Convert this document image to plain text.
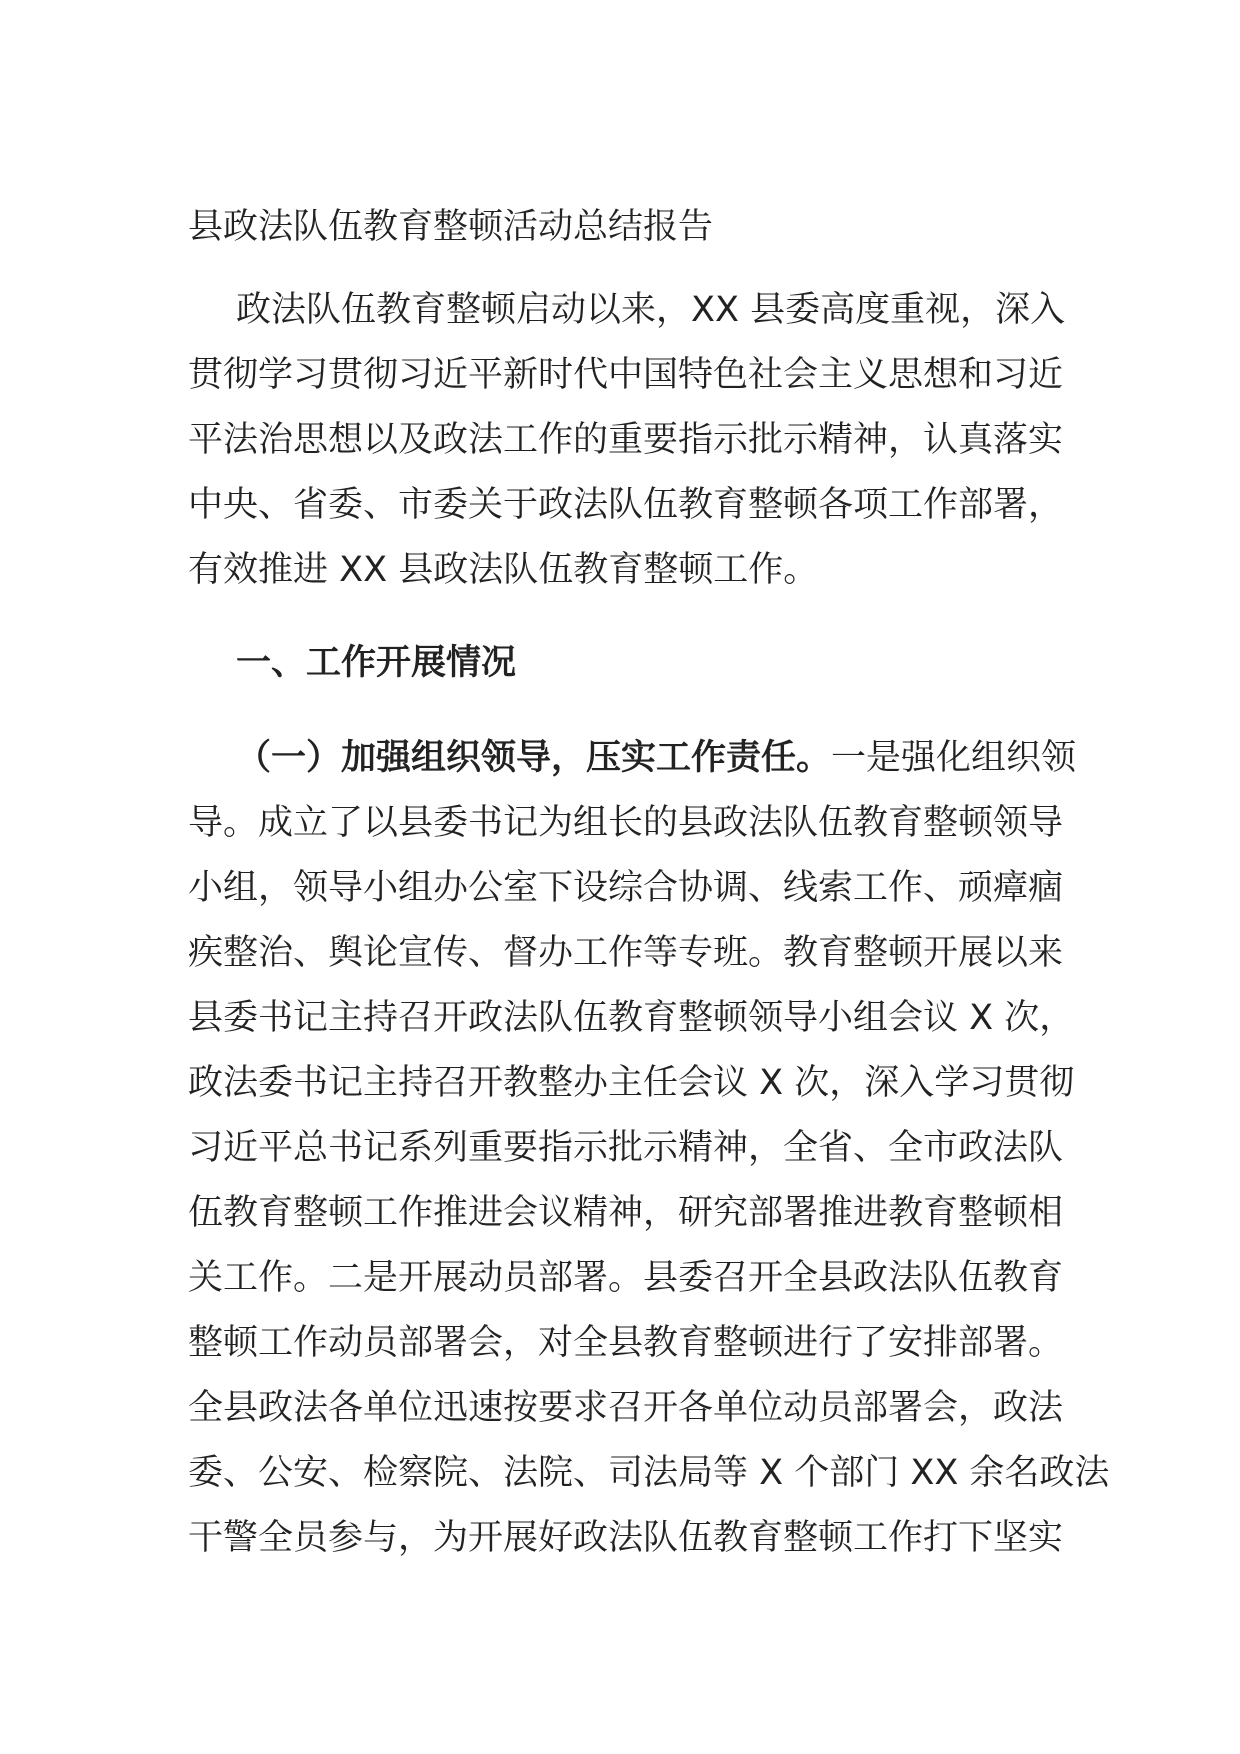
县政法队伍教育整顿活动总结报告
政法队伍教育整顿启动以来，XX 县委高度重视，深入
贯彻学习贯彻习近平新时代中国特色社会主义思想和习近
平法治思想以及政法工作的重要指示批示精神，认真落实
中央、省委、市委关于政法队伍教育整顿各项工作部署，
有效推进 XX 县政法队伍教育整顿工作。
一、工作开展情况
（一）加强组织领导，压实工作责任。一是强化组织领
导。成立了以县委书记为组长的县政法队伍教育整顿领导
小组，领导小组办公室下设综合协调、线索工作、顽瘴痼
疾整治、舆论宣传、督办工作等专班。教育整顿开展以来
县委书记主持召开政法队伍教育整顿领导小组会议 X 次，
政法委书记主持召开教整办主任会议 X 次，深入学习贯彻
习近平总书记系列重要指示批示精神，全省、全市政法队
伍教育整顿工作推进会议精神，研究部署推进教育整顿相
关工作。二是开展动员部署。县委召开全县政法队伍教育
整顿工作动员部署会，对全县教育整顿进行了安排部署。
全县政法各单位迅速按要求召开各单位动员部署会，政法
委、公安、检察院、法院、司法局等 X 个部门 XX 余名政法
干警全员参与，为开展好政法队伍教育整顿工作打下坚实
